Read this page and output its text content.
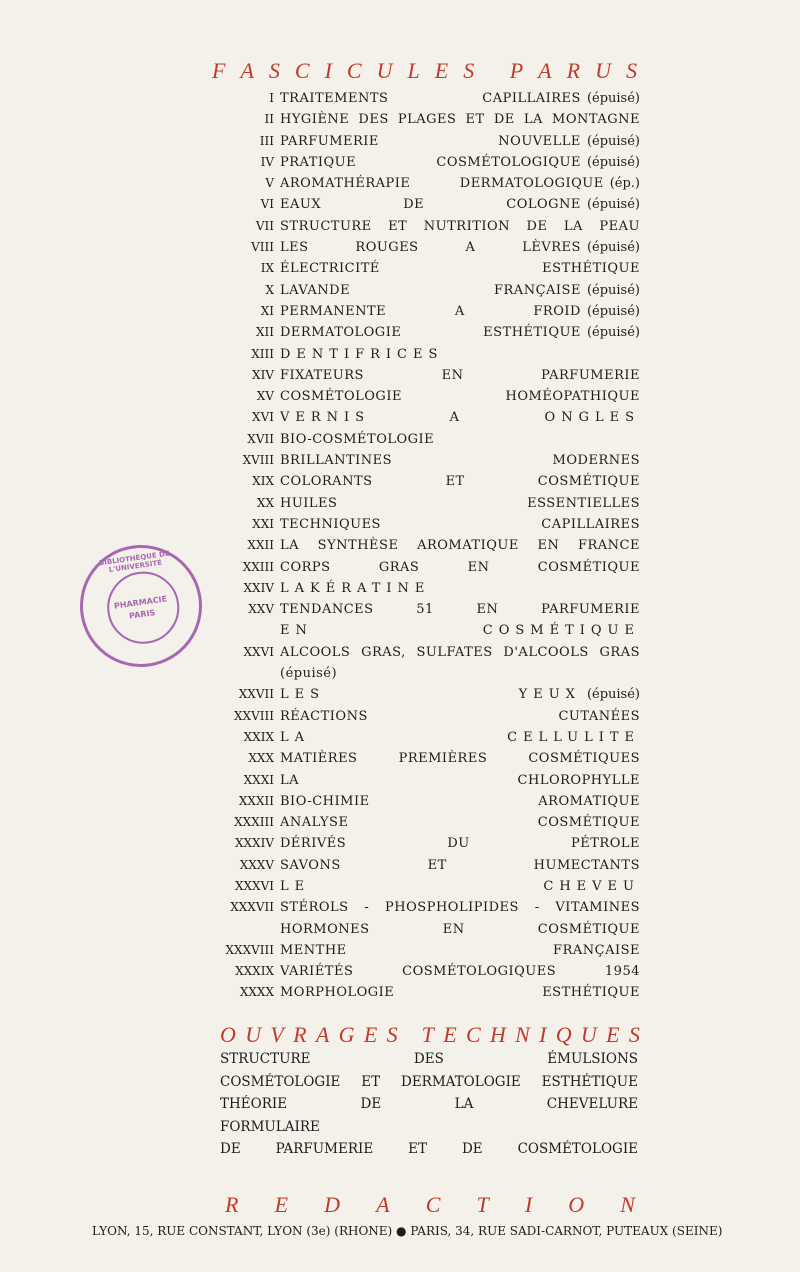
F A S C I C U L E S
P A R U S
I TRAITEMENTS CAPILLAIRES (épuisé)
II HYGIÈNE DES PLAGES ET DE LA MONTAGNE
III PARFUMERIE NOUVELLE (épuisé)
IV PRATIQUE COSMÉTOLOGIQUE (épuisé)
V AROMATHÉRAPIE DERMATOLOGIQUE (ép.)
VI EAUX DE COLOGNE (épuisé)
VII STRUCTURE ET NUTRITION DE LA PEAU
VIII LES ROUGES A LÈVRES (épuisé)
IX ÉLECTRICITÉ ESTHÉTIQUE
X LAVANDE FRANÇAISE (épuisé)
XI PERMANENTE A FROID (épuisé)
XII DERMATOLOGIE ESTHÉTIQUE (épuisé)
XIII DENTIFRICES
XIV FIXATEURS EN PARFUMERIE
XV COSMÉTOLOGIE HOMÉOPATHIQUE
XVI VERNIS A ONGLES
XVII BIO-COSMÉTOLOGIE
XVIII BRILLANTINES MODERNES
XIX COLORANTS ET COSMÉTIQUE
XX HUILES ESSENTIELLES
XXI TECHNIQUES CAPILLAIRES
XXII LA SYNTHÈSE AROMATIQUE EN FRANCE
XXIII CORPS GRAS EN COSMÉTIQUE
XXIV LAKÉRATINE
XXV TENDANCES 51 EN PARFUMERIE
EN COSMÉTIQUE
XXVI ALCOOLS GRAS, SULFATES D'ALCOOLS GRAS
(épuisé)
XXVII LES YEUX (épuisé)
XXVIII RÉACTIONS CUTANÉES
XXIX LA CELLULITE
XXX MATIÈRES PREMIÈRES COSMÉTIQUES
XXXI LA CHLOROPHYLLE
XXXII BIO-CHIMIE AROMATIQUE
XXXIII ANALYSE COSMÉTIQUE
XXXIV DÉRIVÉS DU PÉTROLE
XXXV SAVONS ET HUMECTANTS
XXXVI LE CHEVEU
XXXVII STÉROLS - PHOSPHOLIPIDES - VITAMINES
HORMONES EN COSMÉTIQUE
XXXVIII MENTHE FRANÇAISE
XXXIX VARIÉTÉS COSMÉTOLOGIQUES 1954
XXXX MORPHOLOGIE ESTHÉTIQUE
O U V R A G E S
T E C H N I Q U E S
STRUCTURE DES ÉMULSIONS
COSMÉTOLOGIE ET DERMATOLOGIE ESTHÉTIQUE
THÉORIE DE LA CHEVELURE
FORMULAIRE
DE PARFUMERIE ET DE COSMÉTOLOGIE
R E D A C T I O N
LYON, 15, RUE CONSTANT, LYON (3e) (RHONE) ● PARIS, 34, RUE SADI-CARNOT, PUTEAUX (SEINE)
BIBLIOTHÈQUE DE L'UNIVERSITÉ
PHARMACIE
PARIS
